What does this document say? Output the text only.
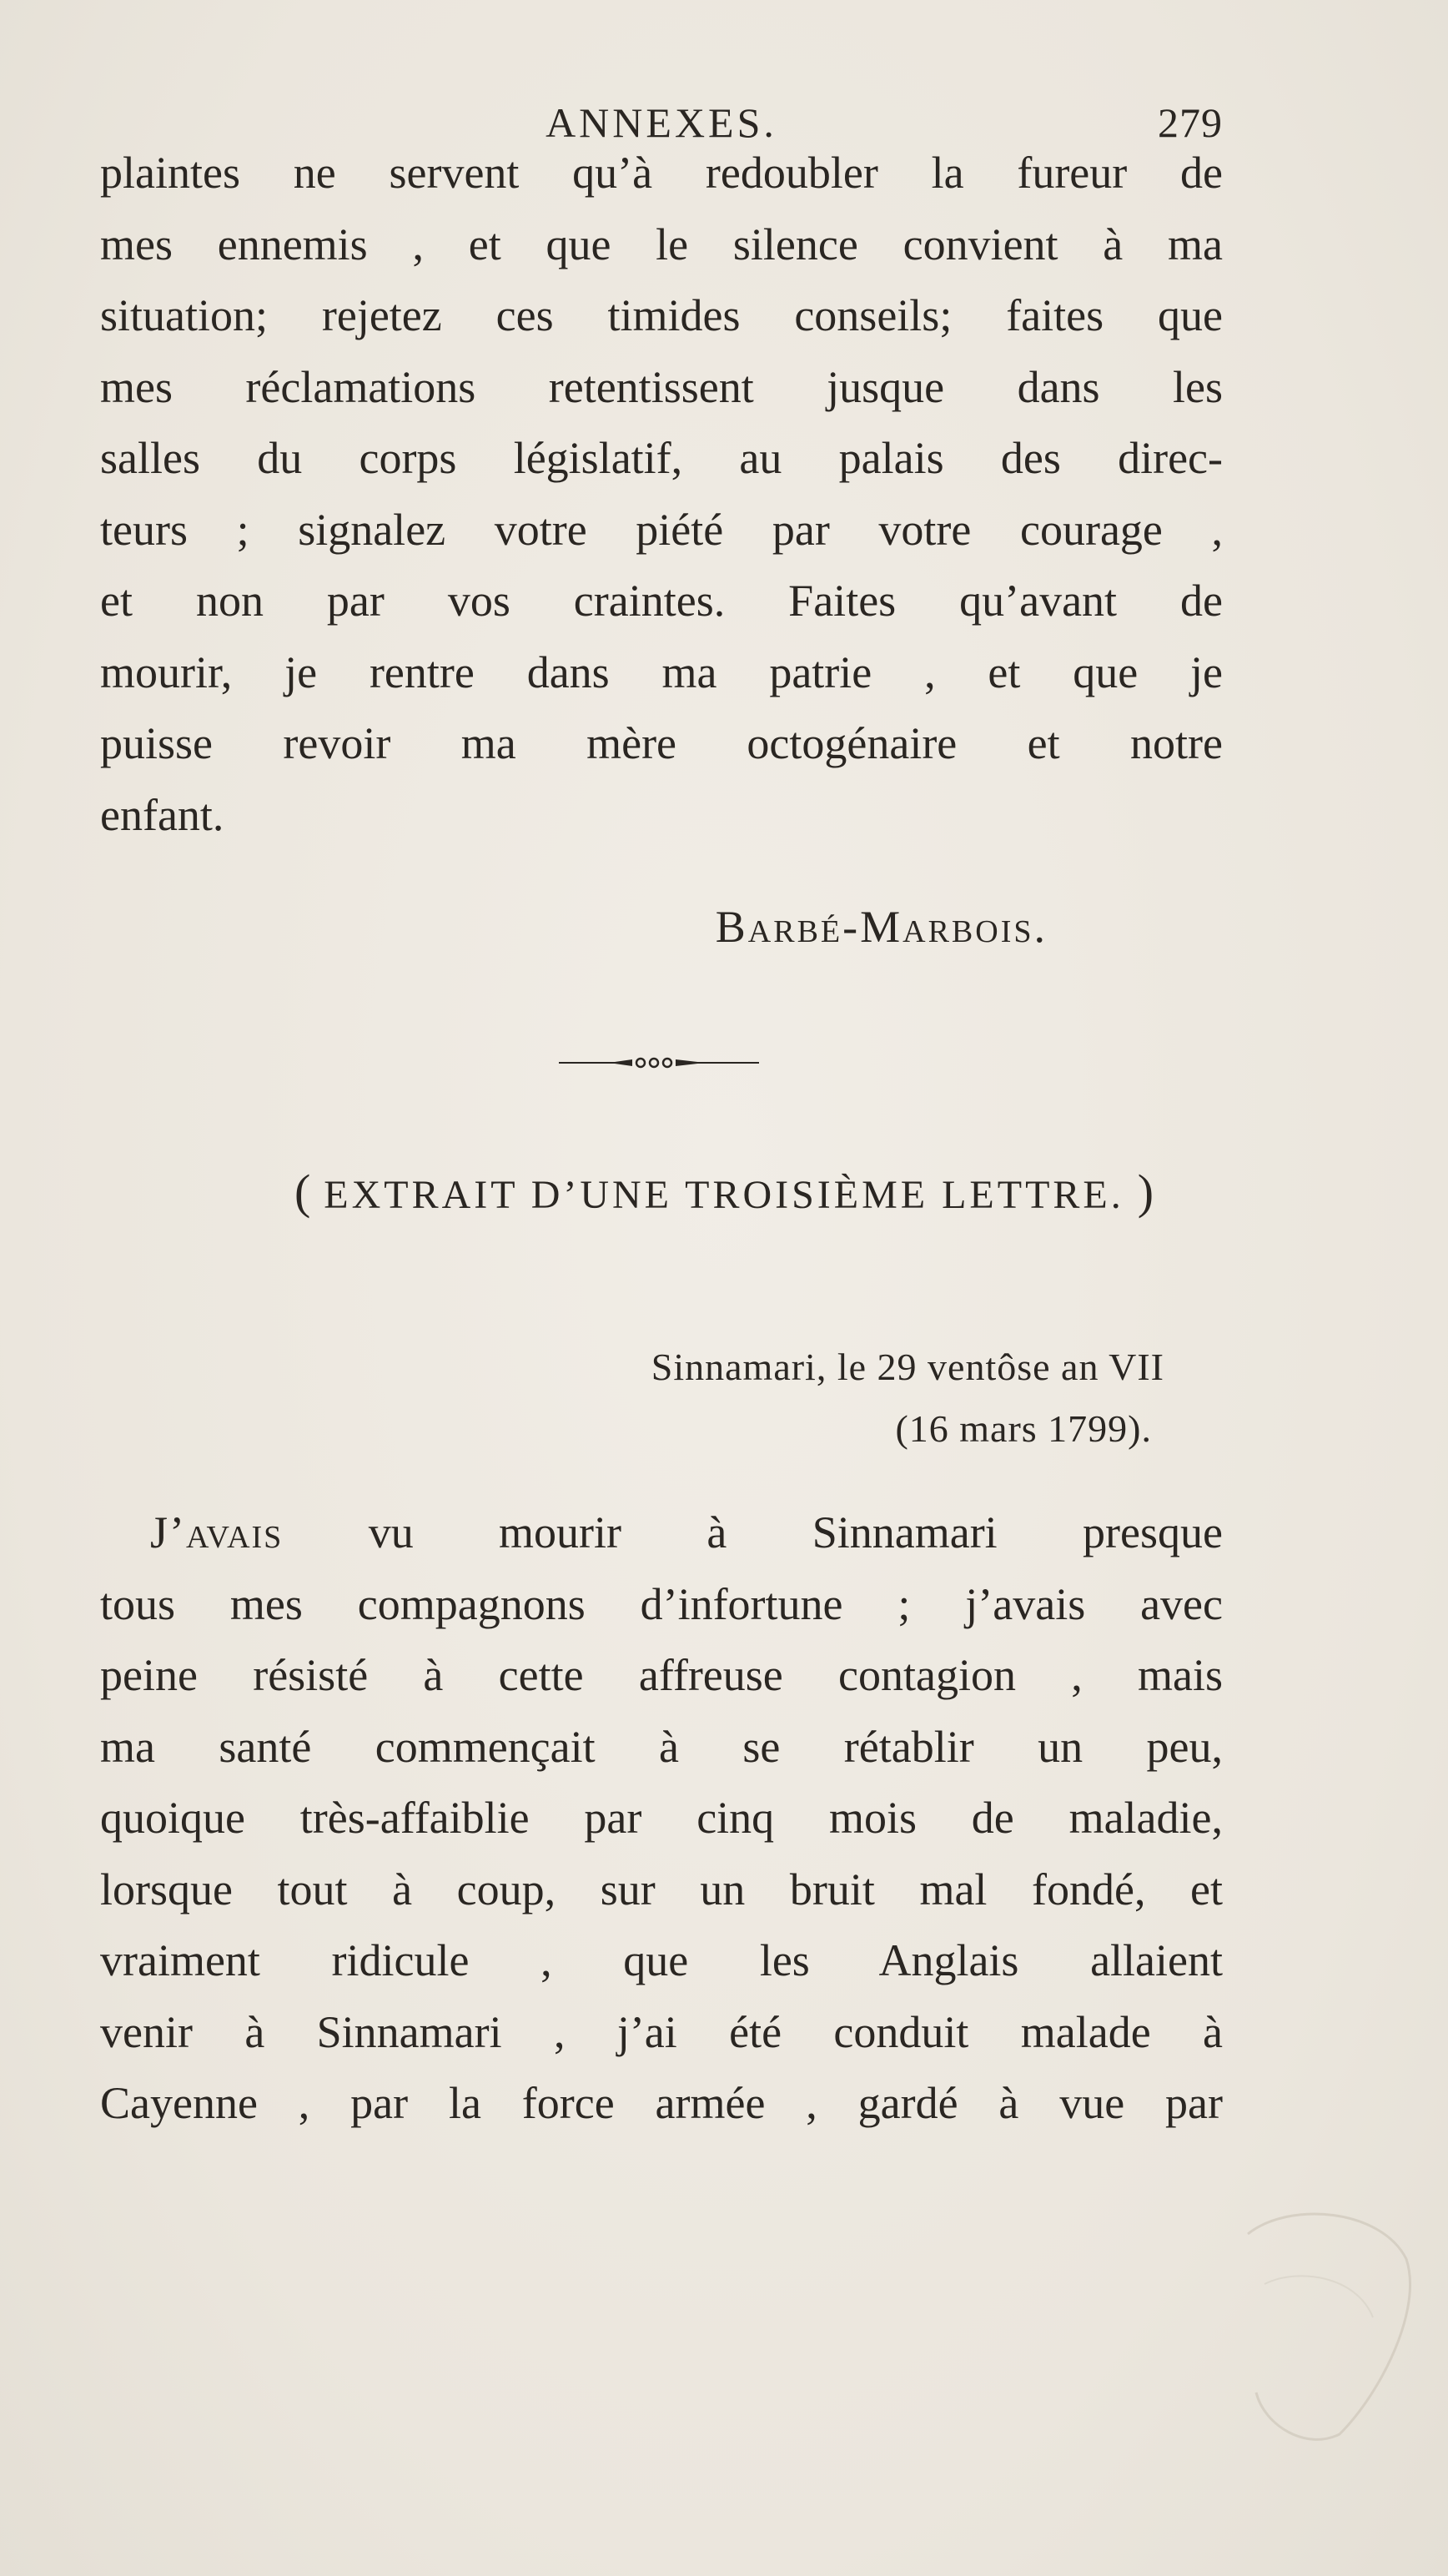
ANNEXES.	279
plaintes ne servent qu’à redoubler la fureur de
mes ennemis , et que le silence convient à ma
situation; rejetez ces timides conseils; faites que
mes réclamations retentissent jusque dans les
salles du corps législatif, au palais des direc-
teurs ; signalez votre piété par votre courage ,
et non par vos craintes. Faites qu’avant de
mourir, je rentre dans ma patrie , et que je
puisse revoir ma mère octogénaire et notre
enfant.
Barbé-Marbois.
( EXTRAIT D’UNE TROISIÈME LETTRE. )
Sinnamari, le 29 ventôse an VII
(16 mars 1799).
J’avais vu mourir à Sinnamari presque
tous mes compagnons d’infortune ; j’avais avec
peine résisté à cette affreuse contagion , mais
ma santé commençait à se rétablir un peu,
quoique très-affaiblie par cinq mois de maladie,
lorsque tout à coup, sur un bruit mal fondé, et
vraiment ridicule , que les Anglais allaient
venir à Sinnamari , j’ai été conduit malade à
Cayenne , par la force armée , gardé à vue par
